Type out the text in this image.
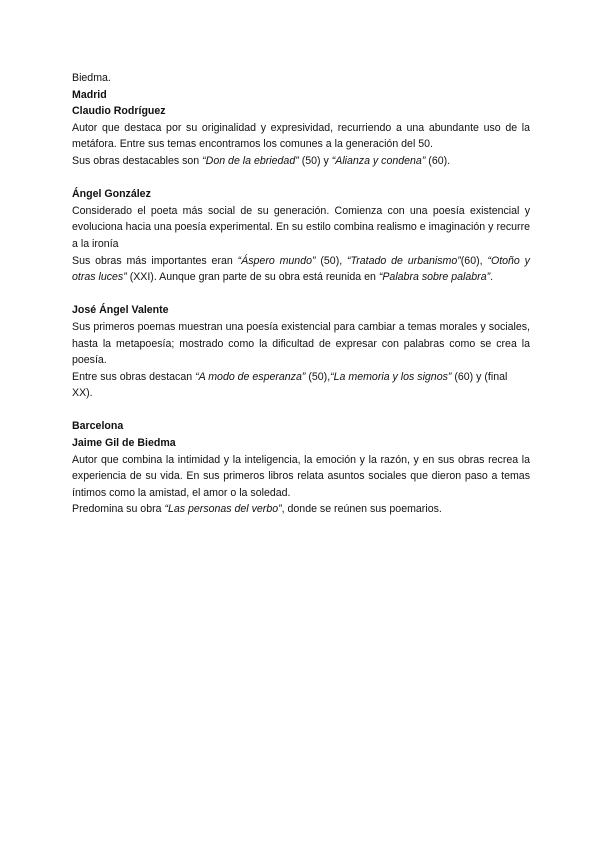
Biedma.
Madrid
Claudio Rodríguez

Autor que destaca por su originalidad y expresividad, recurriendo a una abundante uso de la metáfora. Entre sus temas encontramos los comunes a la generación del 50.

Sus obras destacables son “Don de la ebriedad” (50) y “Alianza y condena” (60).

Ángel González

Considerado el poeta más social de su generación. Comienza con una poesía existencial y evoluciona hacia una poesía experimental. En su estilo combina realismo e imaginación y recurre a la ironía

Sus obras más importantes eran “Áspero mundo” (50), “Tratado de urbanismo”(60), “Otoño y otras luces” (XXI). Aunque gran parte de su obra está reunida en “Palabra sobre palabra”.

José Ángel Valente

Sus primeros poemas muestran una poesía existencial para cambiar a temas morales y sociales, hasta la metapoesía; mostrado como la dificultad de expresar con palabras como se crea la poesía.

Entre sus obras destacan “A modo de esperanza” (50),“La memoria y los signos” (60) y (final XX).

Barcelona
Jaime Gil de Biedma

Autor que combina la intimidad y la inteligencia, la emoción y la razón, y en sus obras recrea la experiencia de su vida. En sus primeros libros relata asuntos sociales que dieron paso a temas íntimos como la amistad, el amor o la soledad.

Predomina su obra “Las personas del verbo”, donde se reúnen sus poemarios.
